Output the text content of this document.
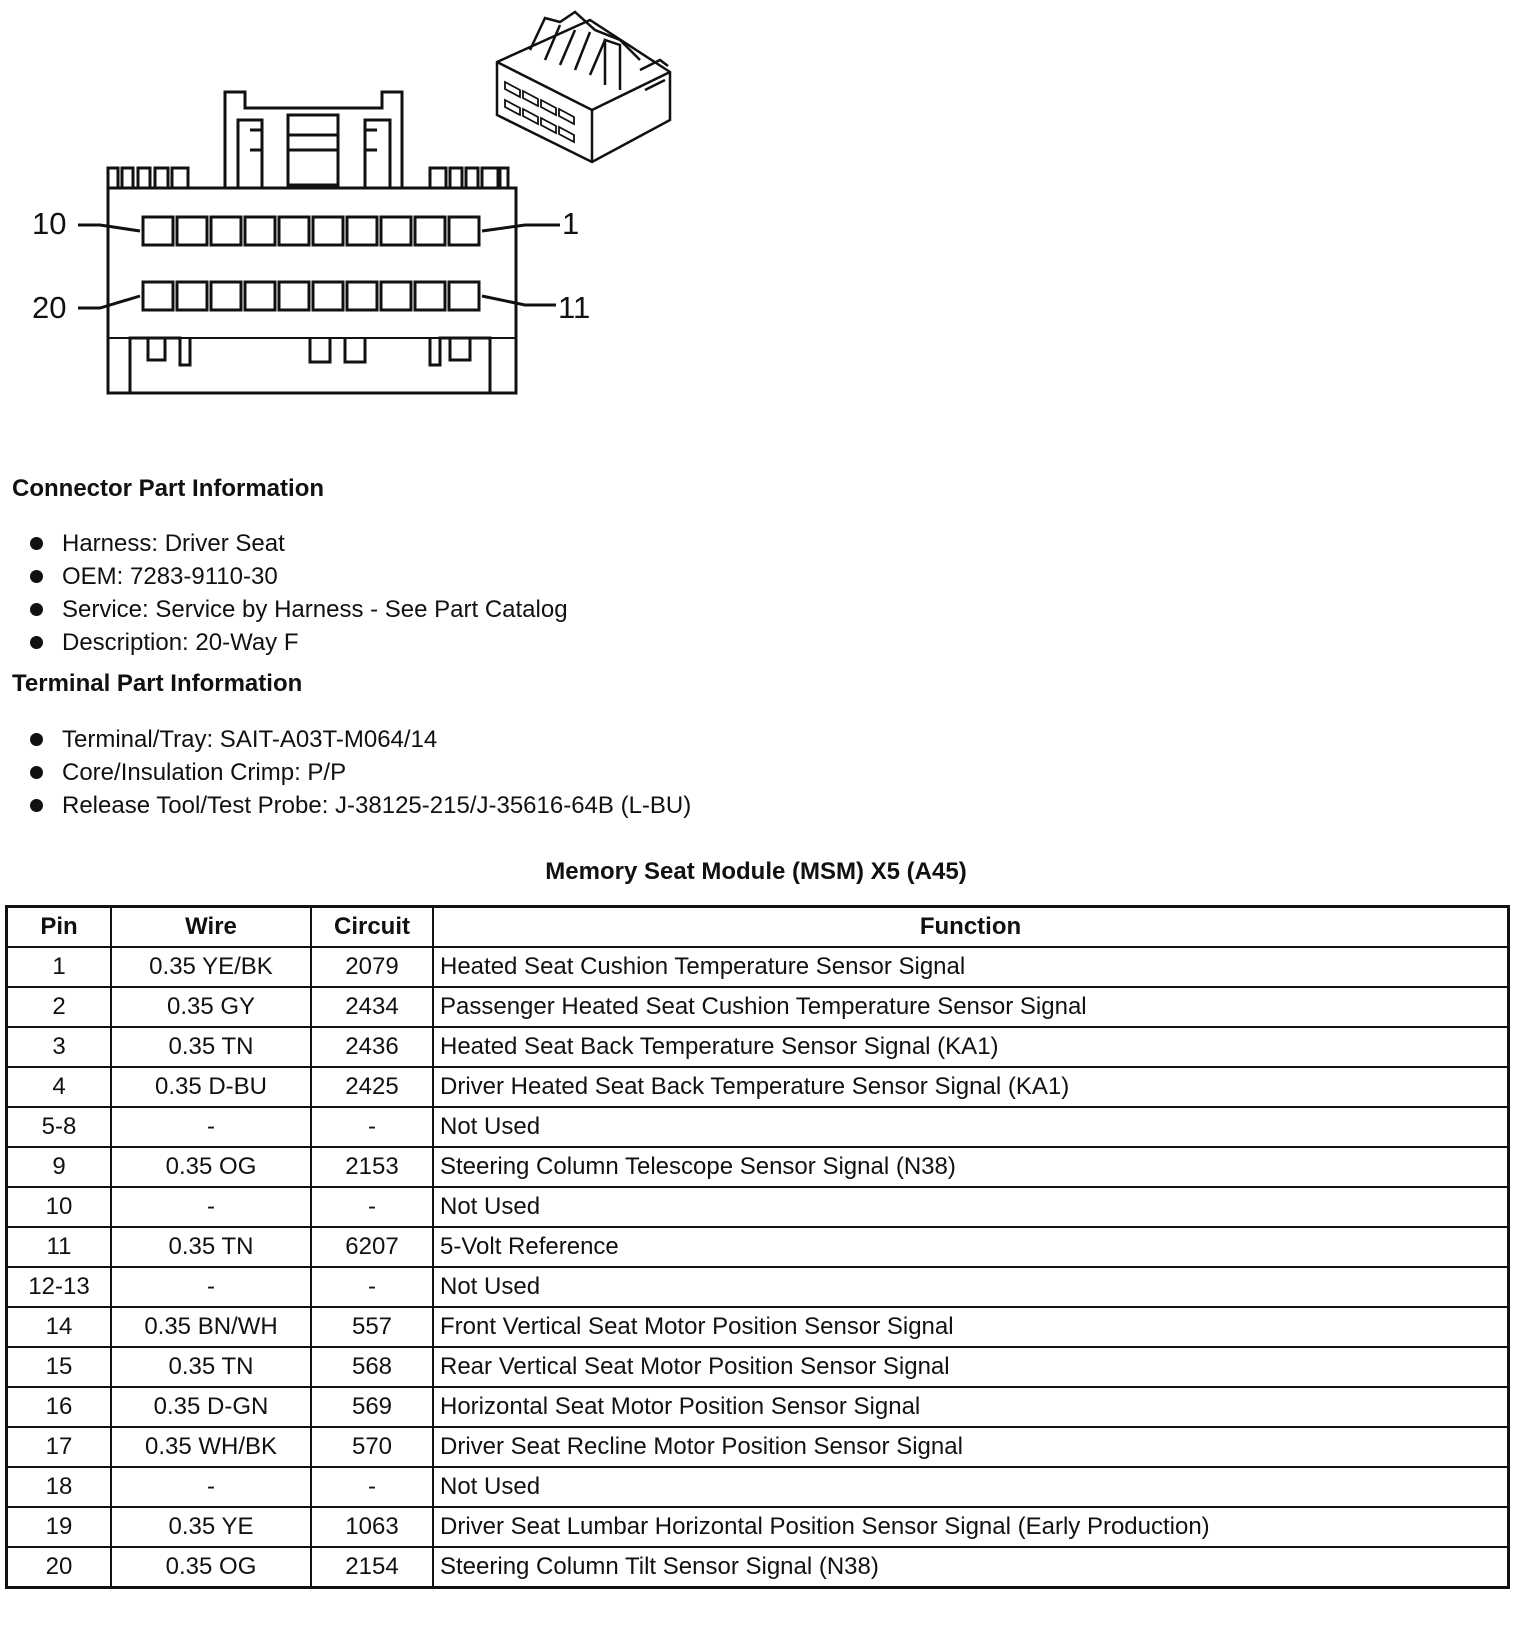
10	1
20	11
Connector Part Information
Harness: Driver Seat
OEM: 7283-9110-30
Service: Service by Harness - See Part Catalog
Description: 20-Way F
Terminal Part Information
Terminal/Tray: SAIT-A03T-M064/14
Core/Insulation Crimp: P/P
Release Tool/Test Probe: J-38125-215/J-35616-64B (L-BU)
Memory Seat Module (MSM) X5 (A45)
Pin	Wire	Circuit	Function
1	0.35 YE/BK	2079	Heated Seat Cushion Temperature Sensor Signal
2	0.35 GY	2434	Passenger Heated Seat Cushion Temperature Sensor Signal
3	0.35 TN	2436	Heated Seat Back Temperature Sensor Signal (KA1)
4	0.35 D-BU	2425	Driver Heated Seat Back Temperature Sensor Signal (KA1)
5-8	-	-	Not Used
9	0.35 OG	2153	Steering Column Telescope Sensor Signal (N38)
10	-	-	Not Used
11	0.35 TN	6207	5-Volt Reference
12-13	-	-	Not Used
14	0.35 BN/WH	557	Front Vertical Seat Motor Position Sensor Signal
15	0.35 TN	568	Rear Vertical Seat Motor Position Sensor Signal
16	0.35 D-GN	569	Horizontal Seat Motor Position Sensor Signal
17	0.35 WH/BK	570	Driver Seat Recline Motor Position Sensor Signal
18	-	-	Not Used
19	0.35 YE	1063	Driver Seat Lumbar Horizontal Position Sensor Signal (Early Production)
20	0.35 OG	2154	Steering Column Tilt Sensor Signal (N38)
